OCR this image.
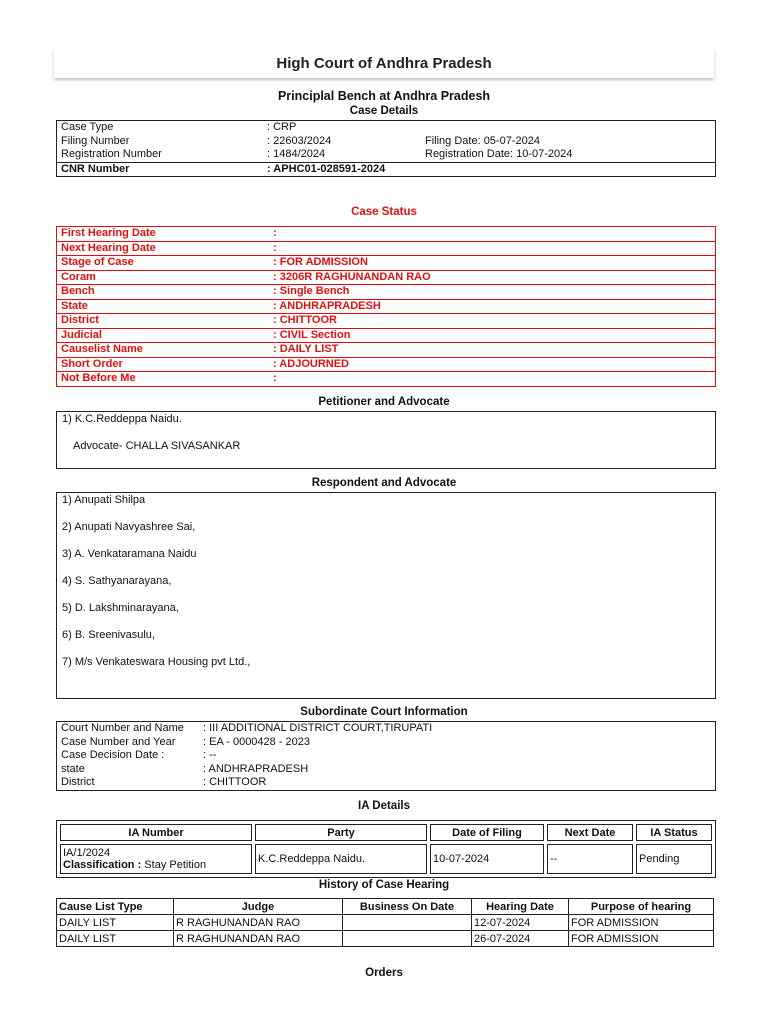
High Court of Andhra Pradesh
Principlal Bench at Andhra Pradesh
Case Details
Case Type	: CRP	
Filing Number	: 22603/2024	Filing Date: 05-07-2024
Registration Number	: 1484/2024	Registration Date: 10-07-2024
CNR Number	: APHC01-028591-2024	
Case Status
First Hearing Date	:
Next Hearing Date	:
Stage of Case	: FOR ADMISSION
Coram	: 3206R RAGHUNANDAN RAO
Bench	: Single Bench
State	: ANDHRAPRADESH
District	: CHITTOOR
Judicial	: CIVIL Section
Causelist Name	: DAILY LIST
Short Order	: ADJOURNED
Not Before Me	:
Petitioner and Advocate
1) K.C.Reddeppa Naidu.
Advocate- CHALLA SIVASANKAR
Respondent and Advocate
1) Anupati Shilpa
2) Anupati Navyashree Sai,
3) A. Venkataramana Naidu
4) S. Sathyanarayana,
5) D. Lakshminarayana,
6) B. Sreenivasulu,
7) M/s Venkateswara Housing pvt Ltd.,
Subordinate Court Information
Court Number and Name	: III ADDITIONAL DISTRICT COURT,TIRUPATI
Case Number and Year	: EA - 0000428 - 2023
Case Decision Date :	: --
state	: ANDHRAPRADESH
District	: CHITTOOR
IA Details
IA Number	Party	Date of Filing	Next Date	IA Status

IA/1/2024
Classification : Stay Petition	K.C.Reddeppa Naidu.	10-07-2024	--	Pending
History of Case Hearing
Cause List Type	Judge	Business On Date	Hearing Date	Purpose of hearing
DAILY LIST	R RAGHUNANDAN RAO		12-07-2024	FOR ADMISSION
DAILY LIST	R RAGHUNANDAN RAO		26-07-2024	FOR ADMISSION
Orders
